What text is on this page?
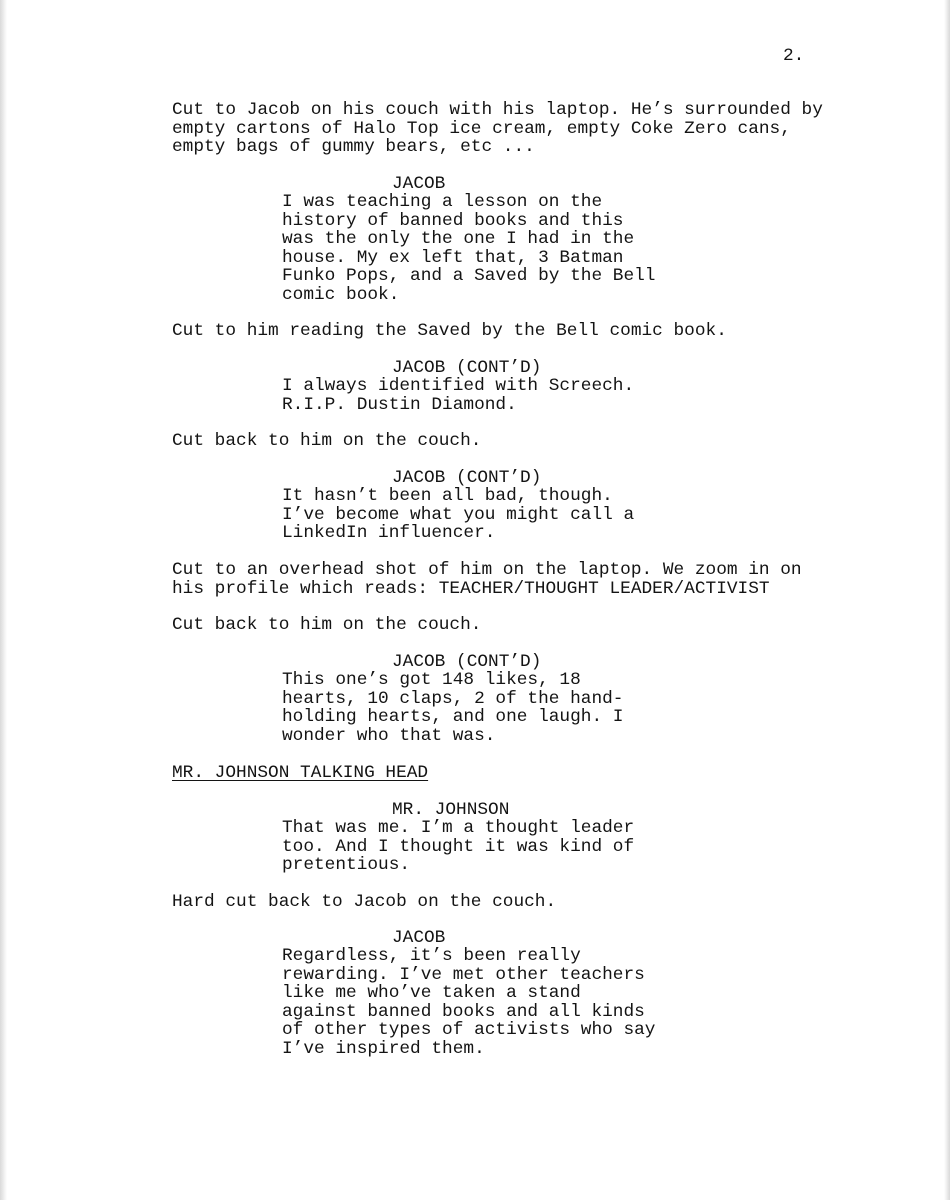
2.
Cut to Jacob on his couch with his laptop. He’s surrounded by
empty cartons of Halo Top ice cream, empty Coke Zero cans,
empty bags of gummy bears, etc ...
JACOB
I was teaching a lesson on the
history of banned books and this
was the only the one I had in the
house. My ex left that, 3 Batman
Funko Pops, and a Saved by the Bell
comic book.
Cut to him reading the Saved by the Bell comic book.
JACOB (CONT’D)
I always identified with Screech.
R.I.P. Dustin Diamond.
Cut back to him on the couch.
JACOB (CONT’D)
It hasn’t been all bad, though.
I’ve become what you might call a
LinkedIn influencer.
Cut to an overhead shot of him on the laptop. We zoom in on
his profile which reads: TEACHER/THOUGHT LEADER/ACTIVIST
Cut back to him on the couch.
JACOB (CONT’D)
This one’s got 148 likes, 18
hearts, 10 claps, 2 of the hand-
holding hearts, and one laugh. I
wonder who that was.
MR. JOHNSON TALKING HEAD
MR. JOHNSON
That was me. I’m a thought leader
too. And I thought it was kind of
pretentious.
Hard cut back to Jacob on the couch.
JACOB
Regardless, it’s been really
rewarding. I’ve met other teachers
like me who’ve taken a stand
against banned books and all kinds
of other types of activists who say
I’ve inspired them.
